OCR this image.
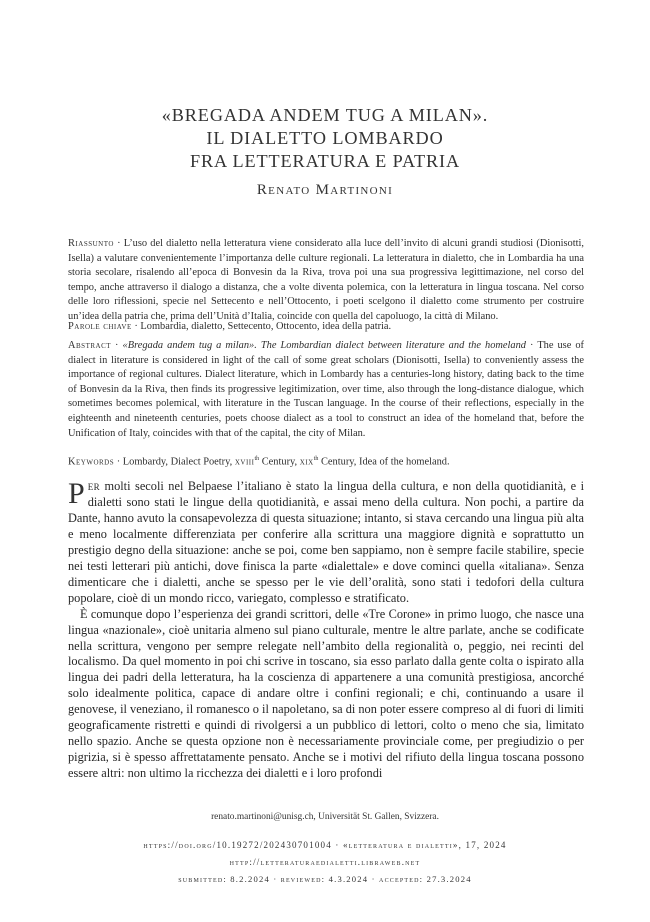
«BREGADA ANDEM TUG A MILAN».
IL DIALETTO LOMBARDO
FRA LETTERATURA E PATRIA
Renato Martinoni
Riassunto · L’uso del dialetto nella letteratura viene considerato alla luce dell’invito di alcuni grandi studiosi (Dionisotti, Isella) a valutare convenientemente l’importanza delle culture regionali. La letteratura in dialetto, che in Lombardia ha una storia secolare, risalendo all’epoca di Bonvesin da la Riva, trova poi una sua progressiva legittimazione, nel corso del tempo, anche attraverso il dialogo a distanza, che a volte diventa polemica, con la letteratura in lingua toscana. Nel corso delle loro riflessioni, specie nel Settecento e nell’Ottocento, i poeti scelgono il dialetto come strumento per costruire un’idea della patria che, prima dell’Unità d’Italia, coincide con quella del capoluogo, la città di Milano.
Parole chiave · Lombardia, dialetto, Settecento, Ottocento, idea della patria.
Abstract · «Bregada andem tug a milan». The Lombardian dialect between literature and the homeland · The use of dialect in literature is considered in light of the call of some great scholars (Dionisotti, Isella) to conveniently assess the importance of regional cultures. Dialect literature, which in Lombardy has a centuries-long history, dating back to the time of Bonvesin da la Riva, then finds its progressive legitimization, over time, also through the long-distance dialogue, which sometimes becomes polemical, with literature in the Tuscan language. In the course of their reflections, especially in the eighteenth and nineteenth centuries, poets choose dialect as a tool to construct an idea of the homeland that, before the Unification of Italy, coincides with that of the capital, the city of Milan.
Keywords · Lombardy, Dialect Poetry, xviii$^{th}$ Century, xix$^{th}$ Century, Idea of the homeland.

Per molti secoli nel Belpaese l’italiano è stato la lingua della cultura, e non della quotidianità, e i dialetti sono stati le lingue della quotidianità, e assai meno della cultura. Non pochi, a partire da Dante, hanno avuto la consapevolezza di questa situazione; intanto, si stava cercando una lingua più alta e meno localmente differenziata per conferire alla scrittura una maggiore dignità e soprattutto un prestigio degno della situazione: anche se poi, come ben sappiamo, non è sempre facile stabilire, specie nei testi letterari più antichi, dove finisca la parte «dialettale» e dove cominci quella «italiana». Senza dimenticare che i dialetti, anche se spesso per le vie dell’oralità, sono stati i tedofori della cultura popolare, cioè di un mondo ricco, variegato, complesso e stratificato.

È comunque dopo l’esperienza dei grandi scrittori, delle «Tre Corone» in primo luogo, che nasce una lingua «nazionale», cioè unitaria almeno sul piano culturale, mentre le altre parlate, anche se codificate nella scrittura, vengono per sempre relegate nell’ambito della regionalità o, peggio, nei recinti del localismo. Da quel momento in poi chi scrive in toscano, sia esso parlato dalla gente colta o ispirato alla lingua dei padri della letteratura, ha la coscienza di appartenere a una comunità prestigiosa, ancorché solo idealmente politica, capace di andare oltre i confini regionali; e chi, continuando a usare il genovese, il veneziano, il romanesco o il napoletano, sa di non poter essere compreso al di fuori di limiti geograficamente ristretti e quindi di rivolgersi a un pubblico di lettori, colto o meno che sia, limitato nello spazio. Anche se questa opzione non è necessariamente provinciale come, per pregiudizio o per pigrizia, si è spesso affrettatamente pensato. Anche se i motivi del rifiuto della lingua toscana possono essere altri: non ultimo la ricchezza dei dialetti e i loro profondi

renato.martinoni@unisg.ch, Universität St. Gallen, Svizzera.
https://doi.org/10.19272/202430701004 · «letteratura e dialetti», 17, 2024
http://letteraturaedialetti.libraweb.net
submitted: 8.2.2024 · reviewed: 4.3.2024 · accepted: 27.3.2024
